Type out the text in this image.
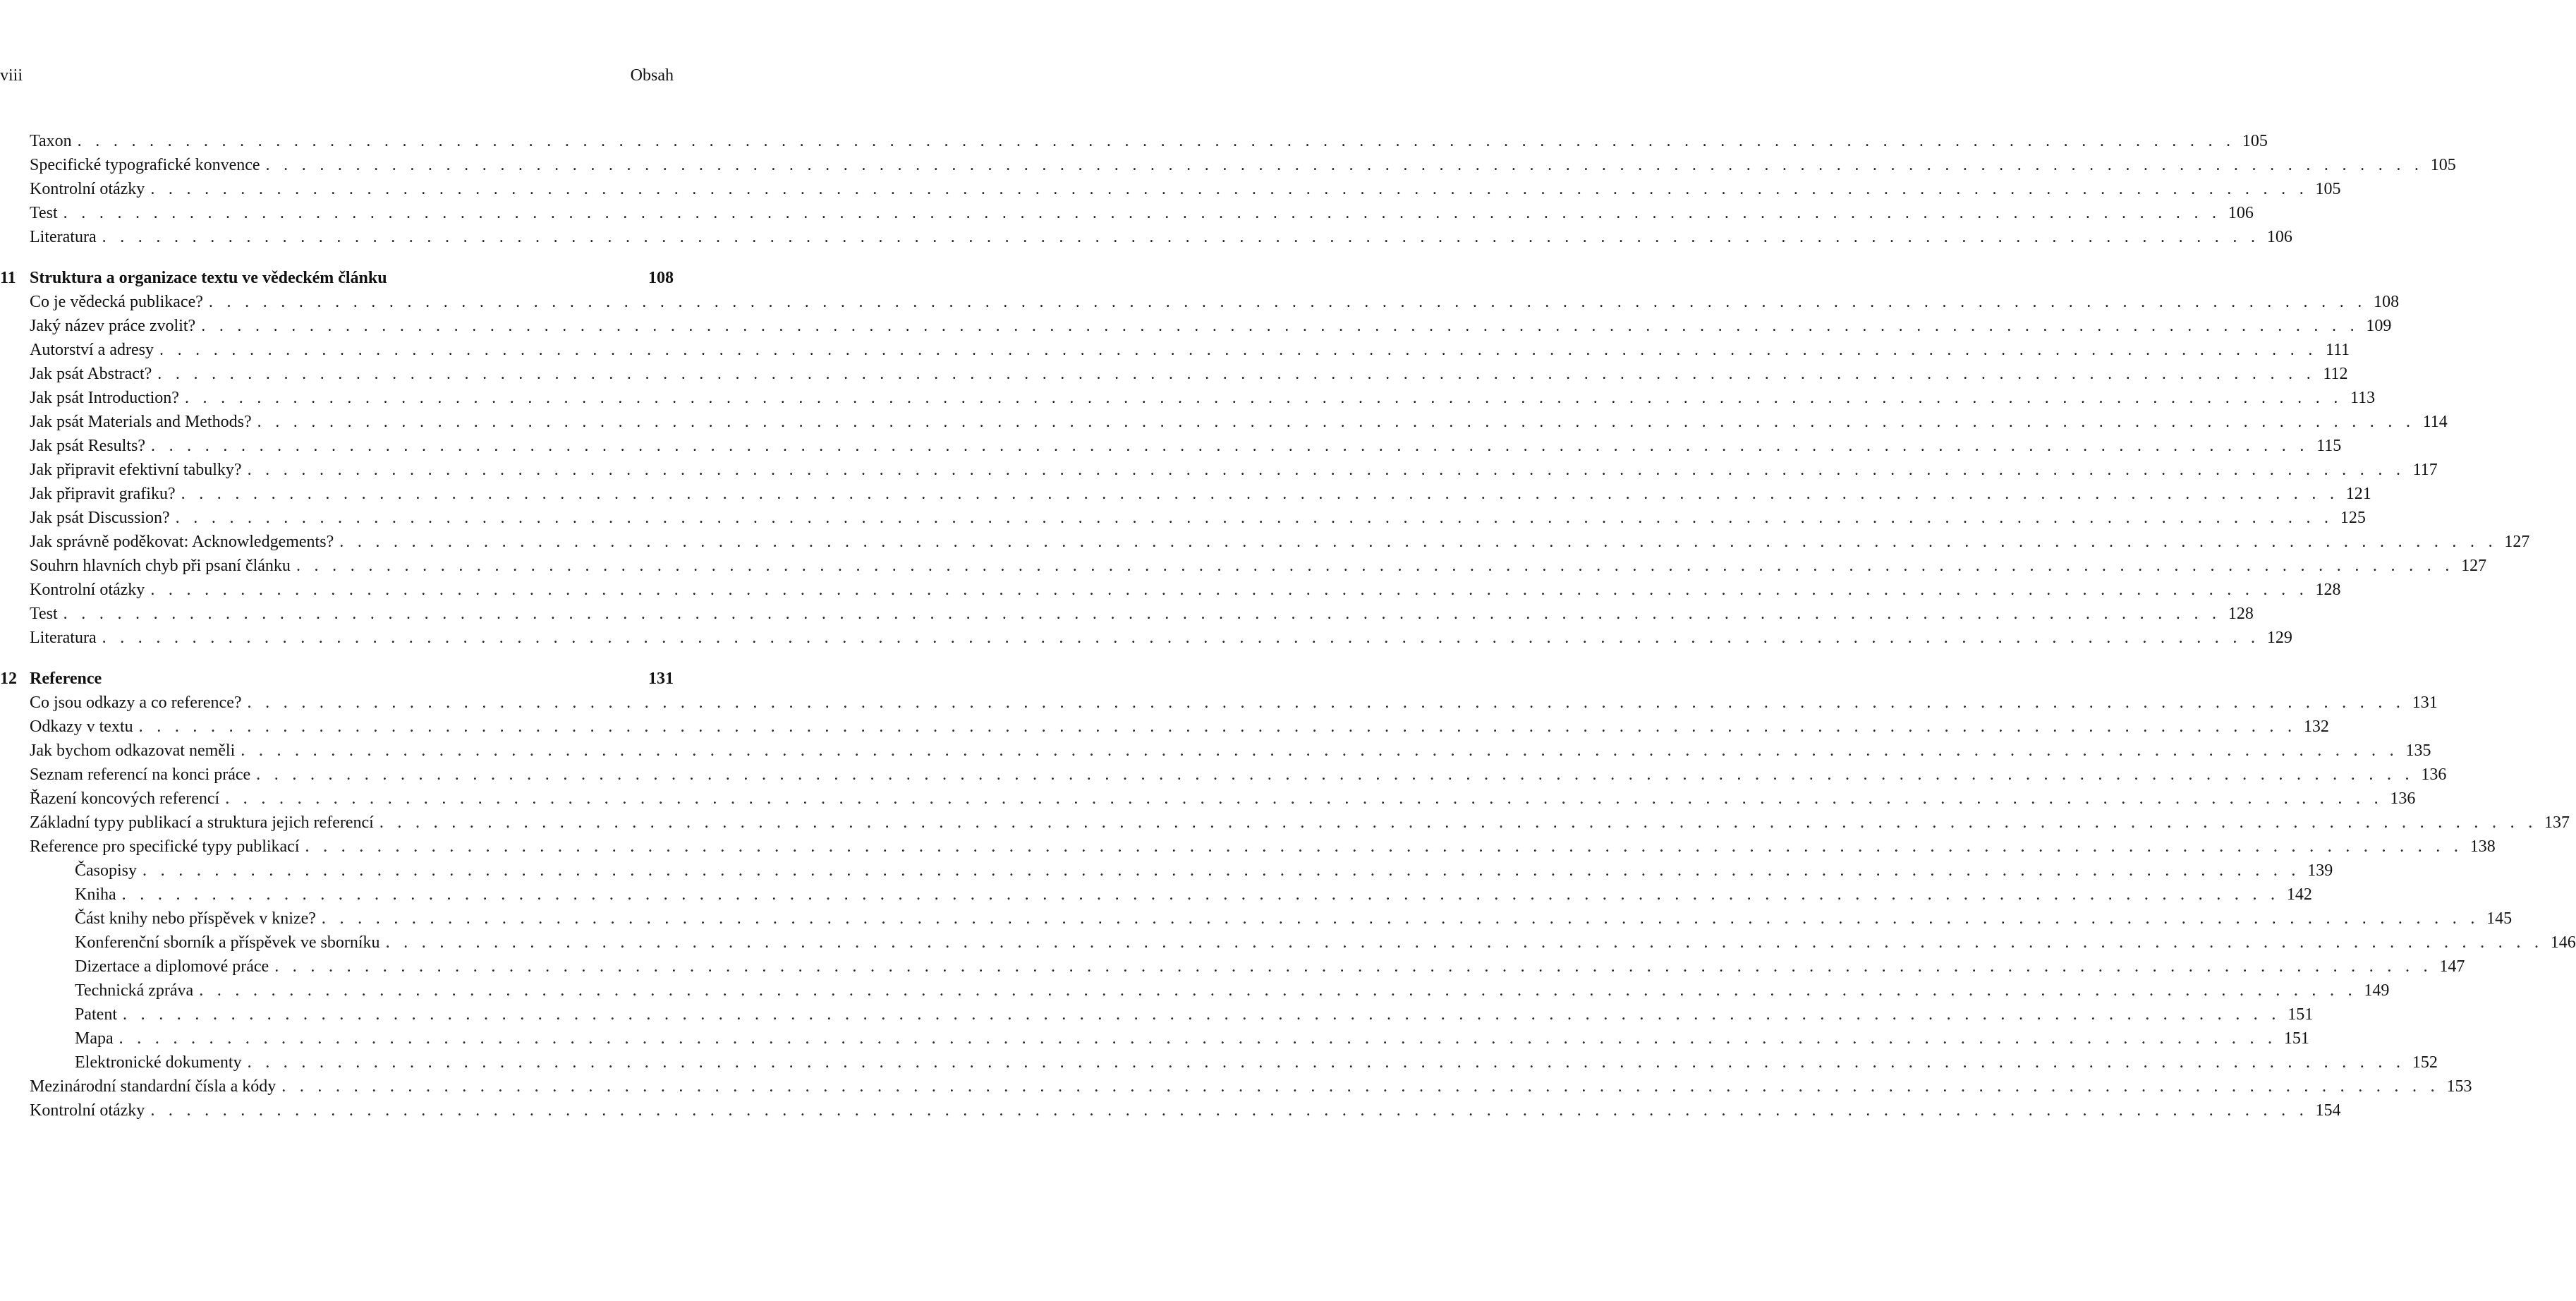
viii	Obsah
Taxon . . . . . . . . . . . . . . . . . . . . . . . . . . . . . . . . . . . . . . . . . . . . . . . . . . . . . . . . . . . . . . . . . . . . . . . . . . . . . . . . . . . . . . . . . . . . . . . . . . . . . . . . . . . . . . . . . . . . . . . . 105
Specifické typografické konvence . . . . . . . . . . . . . . . . . . . . . . . . . . . . . . . . . . . . . . . . . . . . . . . . . . . . . . . . . . . . . . . . . . . . . . . . . . . . . . . . . . . . . . . . . . . . . . . . . . . . . . . . . . . . . . . . . . . . . . . . 105
Kontrolní otázky . . . . . . . . . . . . . . . . . . . . . . . . . . . . . . . . . . . . . . . . . . . . . . . . . . . . . . . . . . . . . . . . . . . . . . . . . . . . . . . . . . . . . . . . . . . . . . . . . . . . . . . . . . . . . . . . . . . . . . . . 105
Test . . . . . . . . . . . . . . . . . . . . . . . . . . . . . . . . . . . . . . . . . . . . . . . . . . . . . . . . . . . . . . . . . . . . . . . . . . . . . . . . . . . . . . . . . . . . . . . . . . . . . . . . . . . . . . . . . . . . . . . . 106
Literatura . . . . . . . . . . . . . . . . . . . . . . . . . . . . . . . . . . . . . . . . . . . . . . . . . . . . . . . . . . . . . . . . . . . . . . . . . . . . . . . . . . . . . . . . . . . . . . . . . . . . . . . . . . . . . . . . . . . . . . . . 106
11 Struktura a organizace textu ve vědeckém článku	108
Co je vědecká publikace? . . . . . . . . . . . . . . . . . . . . . . . . . . . . . . . . . . . . . . . . . . . . . . . . . . . . . . . . . . . . . . . . . . . . . . . . . . . . . . . . . . . . . . . . . . . . . . . . . . . . . . . . . . . . . . . . . . . . . . . . 108
Jaký název práce zvolit? . . . . . . . . . . . . . . . . . . . . . . . . . . . . . . . . . . . . . . . . . . . . . . . . . . . . . . . . . . . . . . . . . . . . . . . . . . . . . . . . . . . . . . . . . . . . . . . . . . . . . . . . . . . . . . . . . . . . . . . . 109
Autorství a adresy . . . . . . . . . . . . . . . . . . . . . . . . . . . . . . . . . . . . . . . . . . . . . . . . . . . . . . . . . . . . . . . . . . . . . . . . . . . . . . . . . . . . . . . . . . . . . . . . . . . . . . . . . . . . . . . . . . . . . . . . 111
Jak psát Abstract? . . . . . . . . . . . . . . . . . . . . . . . . . . . . . . . . . . . . . . . . . . . . . . . . . . . . . . . . . . . . . . . . . . . . . . . . . . . . . . . . . . . . . . . . . . . . . . . . . . . . . . . . . . . . . . . . . . . . . . . . 112
Jak psát Introduction? . . . . . . . . . . . . . . . . . . . . . . . . . . . . . . . . . . . . . . . . . . . . . . . . . . . . . . . . . . . . . . . . . . . . . . . . . . . . . . . . . . . . . . . . . . . . . . . . . . . . . . . . . . . . . . . . . . . . . . . . 113
Jak psát Materials and Methods? . . . . . . . . . . . . . . . . . . . . . . . . . . . . . . . . . . . . . . . . . . . . . . . . . . . . . . . . . . . . . . . . . . . . . . . . . . . . . . . . . . . . . . . . . . . . . . . . . . . . . . . . . . . . . . . . . . . . . . . . 114
Jak psát Results? . . . . . . . . . . . . . . . . . . . . . . . . . . . . . . . . . . . . . . . . . . . . . . . . . . . . . . . . . . . . . . . . . . . . . . . . . . . . . . . . . . . . . . . . . . . . . . . . . . . . . . . . . . . . . . . . . . . . . . . . 115
Jak připravit efektivní tabulky? . . . . . . . . . . . . . . . . . . . . . . . . . . . . . . . . . . . . . . . . . . . . . . . . . . . . . . . . . . . . . . . . . . . . . . . . . . . . . . . . . . . . . . . . . . . . . . . . . . . . . . . . . . . . . . . . . . . . . . . . 117
Jak připravit grafiku? . . . . . . . . . . . . . . . . . . . . . . . . . . . . . . . . . . . . . . . . . . . . . . . . . . . . . . . . . . . . . . . . . . . . . . . . . . . . . . . . . . . . . . . . . . . . . . . . . . . . . . . . . . . . . . . . . . . . . . . . 121
Jak psát Discussion? . . . . . . . . . . . . . . . . . . . . . . . . . . . . . . . . . . . . . . . . . . . . . . . . . . . . . . . . . . . . . . . . . . . . . . . . . . . . . . . . . . . . . . . . . . . . . . . . . . . . . . . . . . . . . . . . . . . . . . . . 125
Jak správně poděkovat: Acknowledgements? . . . . . . . . . . . . . . . . . . . . . . . . . . . . . . . . . . . . . . . . . . . . . . . . . . . . . . . . . . . . . . . . . . . . . . . . . . . . . . . . . . . . . . . . . . . . . . . . . . . . . . . . . . . . . . . . . . . . . . . . 127
Souhrn hlavních chyb při psaní článku . . . . . . . . . . . . . . . . . . . . . . . . . . . . . . . . . . . . . . . . . . . . . . . . . . . . . . . . . . . . . . . . . . . . . . . . . . . . . . . . . . . . . . . . . . . . . . . . . . . . . . . . . . . . . . . . . . . . . . . . 127
Kontrolní otázky . . . . . . . . . . . . . . . . . . . . . . . . . . . . . . . . . . . . . . . . . . . . . . . . . . . . . . . . . . . . . . . . . . . . . . . . . . . . . . . . . . . . . . . . . . . . . . . . . . . . . . . . . . . . . . . . . . . . . . . . 128
Test . . . . . . . . . . . . . . . . . . . . . . . . . . . . . . . . . . . . . . . . . . . . . . . . . . . . . . . . . . . . . . . . . . . . . . . . . . . . . . . . . . . . . . . . . . . . . . . . . . . . . . . . . . . . . . . . . . . . . . . . 128
Literatura . . . . . . . . . . . . . . . . . . . . . . . . . . . . . . . . . . . . . . . . . . . . . . . . . . . . . . . . . . . . . . . . . . . . . . . . . . . . . . . . . . . . . . . . . . . . . . . . . . . . . . . . . . . . . . . . . . . . . . . . 129
12 Reference	131
Co jsou odkazy a co reference? . . . . . . . . . . . . . . . . . . . . . . . . . . . . . . . . . . . . . . . . . . . . . . . . . . . . . . . . . . . . . . . . . . . . . . . . . . . . . . . . . . . . . . . . . . . . . . . . . . . . . . . . . . . . . . . . . . . . . . . . 131
Odkazy v textu . . . . . . . . . . . . . . . . . . . . . . . . . . . . . . . . . . . . . . . . . . . . . . . . . . . . . . . . . . . . . . . . . . . . . . . . . . . . . . . . . . . . . . . . . . . . . . . . . . . . . . . . . . . . . . . . . . . . . . . . 132
Jak bychom odkazovat neměli . . . . . . . . . . . . . . . . . . . . . . . . . . . . . . . . . . . . . . . . . . . . . . . . . . . . . . . . . . . . . . . . . . . . . . . . . . . . . . . . . . . . . . . . . . . . . . . . . . . . . . . . . . . . . . . . . . . . . . . . 135
Seznam referencí na konci práce . . . . . . . . . . . . . . . . . . . . . . . . . . . . . . . . . . . . . . . . . . . . . . . . . . . . . . . . . . . . . . . . . . . . . . . . . . . . . . . . . . . . . . . . . . . . . . . . . . . . . . . . . . . . . . . . . . . . . . . . 136
Řazení koncových referencí . . . . . . . . . . . . . . . . . . . . . . . . . . . . . . . . . . . . . . . . . . . . . . . . . . . . . . . . . . . . . . . . . . . . . . . . . . . . . . . . . . . . . . . . . . . . . . . . . . . . . . . . . . . . . . . . . . . . . . . . 136
Základní typy publikací a struktura jejich referencí . . . . . . . . . . . . . . . . . . . . . . . . . . . . . . . . . . . . . . . . . . . . . . . . . . . . . . . . . . . . . . . . . . . . . . . . . . . . . . . . . . . . . . . . . . . . . . . . . . . . . . . . . . . . . . . . . . . . . . . . 137
Reference pro specifické typy publikací . . . . . . . . . . . . . . . . . . . . . . . . . . . . . . . . . . . . . . . . . . . . . . . . . . . . . . . . . . . . . . . . . . . . . . . . . . . . . . . . . . . . . . . . . . . . . . . . . . . . . . . . . . . . . . . . . . . . . . . . 138
Časopisy . . . . . . . . . . . . . . . . . . . . . . . . . . . . . . . . . . . . . . . . . . . . . . . . . . . . . . . . . . . . . . . . . . . . . . . . . . . . . . . . . . . . . . . . . . . . . . . . . . . . . . . . . . . . . . . . . . . . . . . . 139
Kniha . . . . . . . . . . . . . . . . . . . . . . . . . . . . . . . . . . . . . . . . . . . . . . . . . . . . . . . . . . . . . . . . . . . . . . . . . . . . . . . . . . . . . . . . . . . . . . . . . . . . . . . . . . . . . . . . . . . . . . . . 142
Část knihy nebo příspěvek v knize? . . . . . . . . . . . . . . . . . . . . . . . . . . . . . . . . . . . . . . . . . . . . . . . . . . . . . . . . . . . . . . . . . . . . . . . . . . . . . . . . . . . . . . . . . . . . . . . . . . . . . . . . . . . . . . . . . . . . . . . . 145
Konferenční sborník a příspěvek ve sborníku . . . . . . . . . . . . . . . . . . . . . . . . . . . . . . . . . . . . . . . . . . . . . . . . . . . . . . . . . . . . . . . . . . . . . . . . . . . . . . . . . . . . . . . . . . . . . . . . . . . . . . . . . . . . . . . . . . . . . . . . 146
Dizertace a diplomové práce . . . . . . . . . . . . . . . . . . . . . . . . . . . . . . . . . . . . . . . . . . . . . . . . . . . . . . . . . . . . . . . . . . . . . . . . . . . . . . . . . . . . . . . . . . . . . . . . . . . . . . . . . . . . . . . . . . . . . . . . 147
Technická zpráva . . . . . . . . . . . . . . . . . . . . . . . . . . . . . . . . . . . . . . . . . . . . . . . . . . . . . . . . . . . . . . . . . . . . . . . . . . . . . . . . . . . . . . . . . . . . . . . . . . . . . . . . . . . . . . . . . . . . . . . . 149
Patent . . . . . . . . . . . . . . . . . . . . . . . . . . . . . . . . . . . . . . . . . . . . . . . . . . . . . . . . . . . . . . . . . . . . . . . . . . . . . . . . . . . . . . . . . . . . . . . . . . . . . . . . . . . . . . . . . . . . . . . . 151
Mapa . . . . . . . . . . . . . . . . . . . . . . . . . . . . . . . . . . . . . . . . . . . . . . . . . . . . . . . . . . . . . . . . . . . . . . . . . . . . . . . . . . . . . . . . . . . . . . . . . . . . . . . . . . . . . . . . . . . . . . . . 151
Elektronické dokumenty . . . . . . . . . . . . . . . . . . . . . . . . . . . . . . . . . . . . . . . . . . . . . . . . . . . . . . . . . . . . . . . . . . . . . . . . . . . . . . . . . . . . . . . . . . . . . . . . . . . . . . . . . . . . . . . . . . . . . . . . 152
Mezinárodní standardní čísla a kódy . . . . . . . . . . . . . . . . . . . . . . . . . . . . . . . . . . . . . . . . . . . . . . . . . . . . . . . . . . . . . . . . . . . . . . . . . . . . . . . . . . . . . . . . . . . . . . . . . . . . . . . . . . . . . . . . . . . . . . . . 153
Kontrolní otázky . . . . . . . . . . . . . . . . . . . . . . . . . . . . . . . . . . . . . . . . . . . . . . . . . . . . . . . . . . . . . . . . . . . . . . . . . . . . . . . . . . . . . . . . . . . . . . . . . . . . . . . . . . . . . . . . . . . . . . . . 154
